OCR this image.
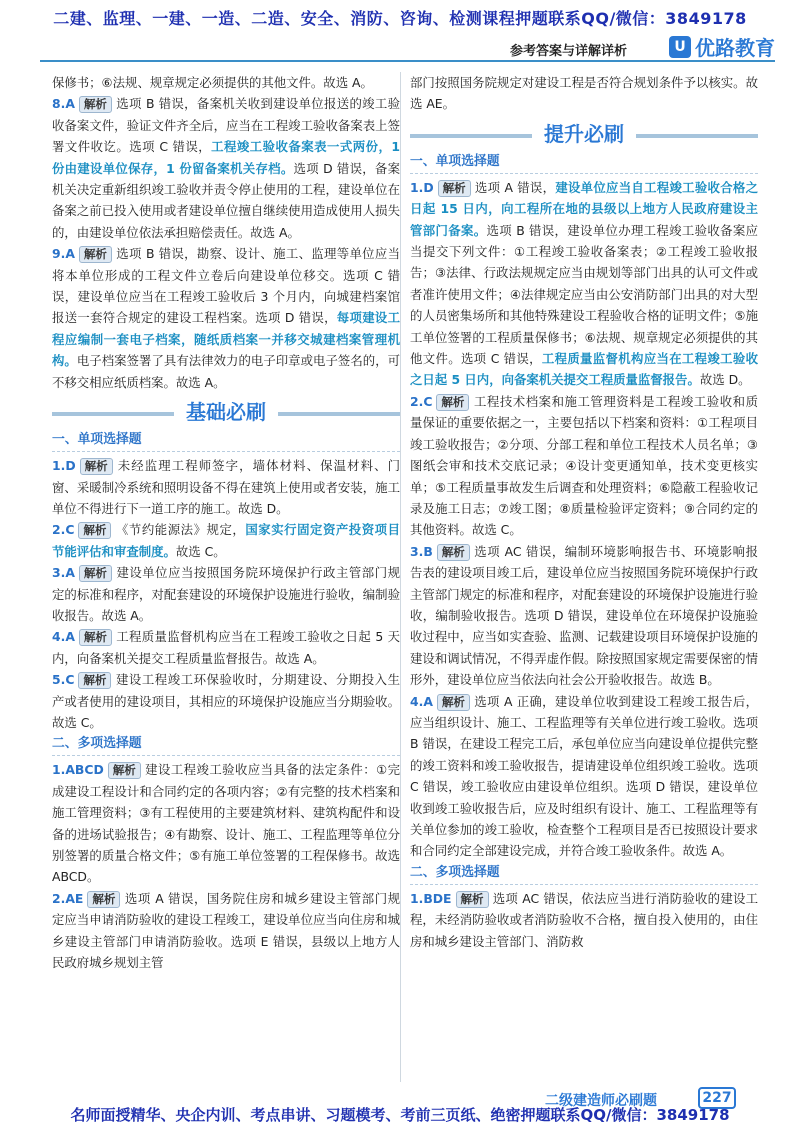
二建、监理、一建、一造、二造、安全、消防、咨询、检测课程押题联系QQ/微信：3849178
参考答案与详解详析	U 优路教育

保修书；⑥法规、规章规定必须提供的其他文件。故选 A。

8.A 解析 选项 B 错误，备案机关收到建设单位报送的竣工验收备案文件，验证文件齐全后，应当在工程竣工验收备案表上签署文件收讫。选项 C 错误，工程竣工验收备案表一式两份，1 份由建设单位保存，1 份留备案机关存档。选项 D 错误，备案机关决定重新组织竣工验收并责令停止使用的工程，建设单位在备案之前已投入使用或者建设单位擅自继续使用造成使用人损失的，由建设单位依法承担赔偿责任。故选 A。
9.A 解析 选项 B 错误，勘察、设计、施工、监理等单位应当将本单位形成的工程文件立卷后向建设单位移交。选项 C 错误，建设单位应当在工程竣工验收后 3 个月内，向城建档案馆报送一套符合规定的建设工程档案。选项 D 错误，每项建设工程应编制一套电子档案，随纸质档案一并移交城建档案管理机构。电子档案签署了具有法律效力的电子印章或电子签名的，可不移交相应纸质档案。故选 A。
基础必刷
一、单项选择题
1.D 解析 未经监理工程师签字，墙体材料、保温材料、门窗、采暖制冷系统和照明设备不得在建筑上使用或者安装，施工单位不得进行下一道工序的施工。故选 D。
2.C 解析 《节约能源法》规定，国家实行固定资产投资项目节能评估和审查制度。故选 C。
3.A 解析 建设单位应当按照国务院环境保护行政主管部门规定的标准和程序，对配套建设的环境保护设施进行验收，编制验收报告。故选 A。
4.A 解析 工程质量监督机构应当在工程竣工验收之日起 5 天内，向备案机关提交工程质量监督报告。故选 A。
5.C 解析 建设工程竣工环保验收时，分期建设、分期投入生产或者使用的建设项目，其相应的环境保护设施应当分期验收。故选 C。
二、多项选择题
1.ABCD 解析 建设工程竣工验收应当具备的法定条件：①完成建设工程设计和合同约定的各项内容；②有完整的技术档案和施工管理资料；③有工程使用的主要建筑材料、建筑构配件和设备的进场试验报告；④有勘察、设计、施工、工程监理等单位分别签署的质量合格文件；⑤有施工单位签署的工程保修书。故选 ABCD。
2.AE 解析 选项 A 错误，国务院住房和城乡建设主管部门规定应当申请消防验收的建设工程竣工，建设单位应当向住房和城乡建设主管部门申请消防验收。选项 E 错误，县级以上地方人民政府城乡规划主管

部门按照国务院规定对建设工程是否符合规划条件予以核实。故选 AE。

提升必刷
一、单项选择题
1.D 解析 选项 A 错误，建设单位应当自工程竣工验收合格之日起 15 日内，向工程所在地的县级以上地方人民政府建设主管部门备案。选项 B 错误，建设单位办理工程竣工验收备案应当提交下列文件：①工程竣工验收备案表；②工程竣工验收报告；③法律、行政法规规定应当由规划等部门出具的认可文件或者准许使用文件；④法律规定应当由公安消防部门出具的对大型的人员密集场所和其他特殊建设工程验收合格的证明文件；⑤施工单位签署的工程质量保修书；⑥法规、规章规定必须提供的其他文件。选项 C 错误，工程质量监督机构应当在工程竣工验收之日起 5 日内，向备案机关提交工程质量监督报告。故选 D。
2.C 解析 工程技术档案和施工管理资料是工程竣工验收和质量保证的重要依据之一，主要包括以下档案和资料：①工程项目竣工验收报告；②分项、分部工程和单位工程技术人员名单；③图纸会审和技术交底记录；④设计变更通知单，技术变更核实单；⑤工程质量事故发生后调查和处理资料；⑥隐蔽工程验收记录及施工日志；⑦竣工图；⑧质量检验评定资料；⑨合同约定的其他资料。故选 C。
3.B 解析 选项 AC 错误，编制环境影响报告书、环境影响报告表的建设项目竣工后，建设单位应当按照国务院环境保护行政主管部门规定的标准和程序，对配套建设的环境保护设施进行验收，编制验收报告。选项 D 错误，建设单位在环境保护设施验收过程中，应当如实查验、监测、记载建设项目环境保护设施的建设和调试情况，不得弄虚作假。除按照国家规定需要保密的情形外，建设单位应当依法向社会公开验收报告。故选 B。
4.A 解析 选项 A 正确，建设单位收到建设工程竣工报告后，应当组织设计、施工、工程监理等有关单位进行竣工验收。选项 B 错误，在建设工程完工后，承包单位应当向建设单位提供完整的竣工资料和竣工验收报告，提请建设单位组织竣工验收。选项 C 错误，竣工验收应由建设单位组织。选项 D 错误，建设单位收到竣工验收报告后，应及时组织有设计、施工、工程监理等有关单位参加的竣工验收，检查整个工程项目是否已按照设计要求和合同约定全部建设完成，并符合竣工验收条件。故选 A。
二、多项选择题
1.BDE 解析 选项 AC 错误，依法应当进行消防验收的建设工程，未经消防验收或者消防验收不合格，擅自投入使用的，由住房和城乡建设主管部门、消防救
二级建造师必刷题	227
名师面授精华、央企内训、考点串讲、习题模考、考前三页纸、绝密押题联系QQ/微信：3849178
